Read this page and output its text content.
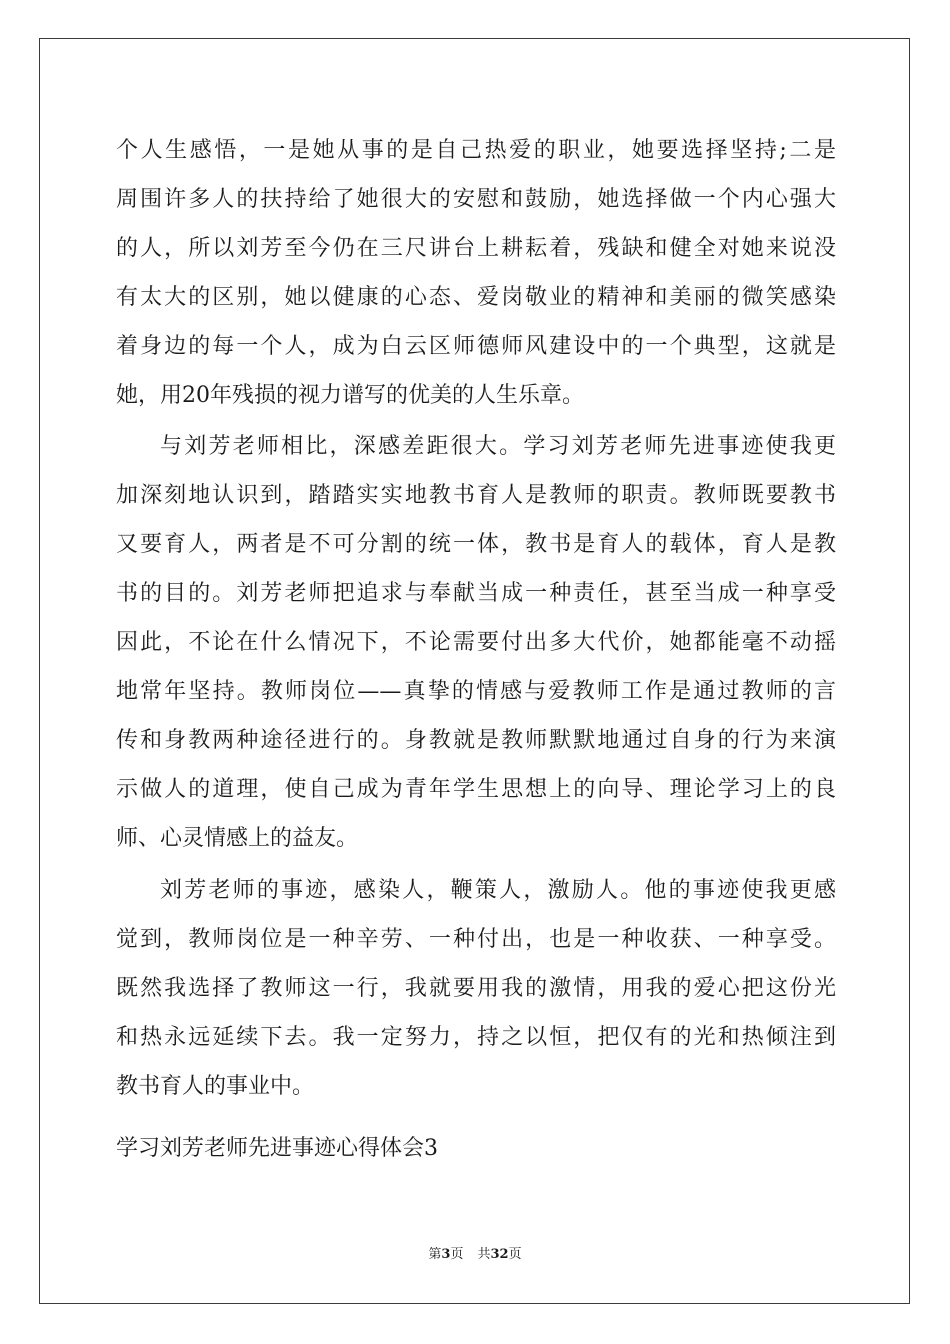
个人生感悟，一是她从事的是自己热爱的职业，她要选择坚持;二是
周围许多人的扶持给了她很大的安慰和鼓励，她选择做一个内心强大
的人，所以刘芳至今仍在三尺讲台上耕耘着，残缺和健全对她来说没
有太大的区别，她以健康的心态、爱岗敬业的精神和美丽的微笑感染
着身边的每一个人，成为白云区师德师风建设中的一个典型，这就是
她，用20年残损的视力谱写的优美的人生乐章。
与刘芳老师相比，深感差距很大。学习刘芳老师先进事迹使我更
加深刻地认识到，踏踏实实地教书育人是教师的职责。教师既要教书
又要育人，两者是不可分割的统一体，教书是育人的载体，育人是教
书的目的。刘芳老师把追求与奉献当成一种责任，甚至当成一种享受
因此，不论在什么情况下，不论需要付出多大代价，她都能毫不动摇
地常年坚持。教师岗位——真挚的情感与爱教师工作是通过教师的言
传和身教两种途径进行的。身教就是教师默默地通过自身的行为来演
示做人的道理，使自己成为青年学生思想上的向导、理论学习上的良
师、心灵情感上的益友。
刘芳老师的事迹，感染人，鞭策人，激励人。他的事迹使我更感
觉到，教师岗位是一种辛劳、一种付出，也是一种收获、一种享受。
既然我选择了教师这一行，我就要用我的激情，用我的爱心把这份光
和热永远延续下去。我一定努力，持之以恒，把仅有的光和热倾注到
教书育人的事业中。
学习刘芳老师先进事迹心得体会3
第3页 共32页
